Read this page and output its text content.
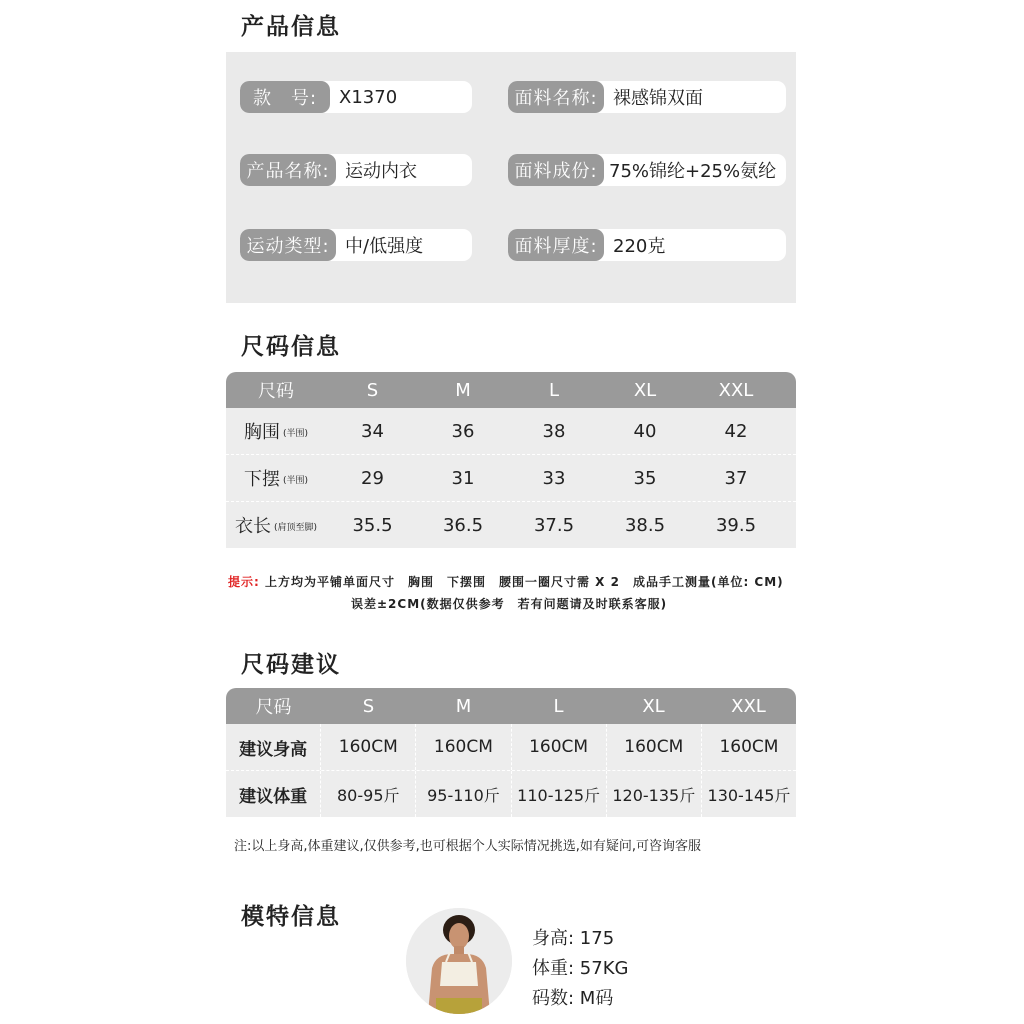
产品信息
款　号:	X1370	面料名称: 裸感锦双面
产品名称: 运动内衣	面料成份: 75%锦纶+25%氨纶
运动类型: 中/低强度	面料厚度: 220克
尺码信息
尺码	S	M	L	XL	XXL
胸围 (半围)	34	36	38	40	42
下摆 (半围)	29	31	33	35	37
衣长 (肩顶至脚)	35.5	36.5	37.5	38.5	39.5
提示: 上方均为平铺单面尺寸　胸围　下摆围　腰围一圈尺寸需 X 2　成品手工测量(单位: CM)
误差±2CM(数据仅供参考　若有问题请及时联系客服)
尺码建议
尺码	S	M	L	XL	XXL
建议身高	160CM	160CM	160CM	160CM	160CM
建议体重	80-95斤	95-110斤	110-125斤 120-135斤 130-145斤
注:以上身高,体重建议,仅供参考,也可根据个人实际情况挑选,如有疑问,可咨询客服
模特信息
身高: 175
体重: 57KG
码数: M码
